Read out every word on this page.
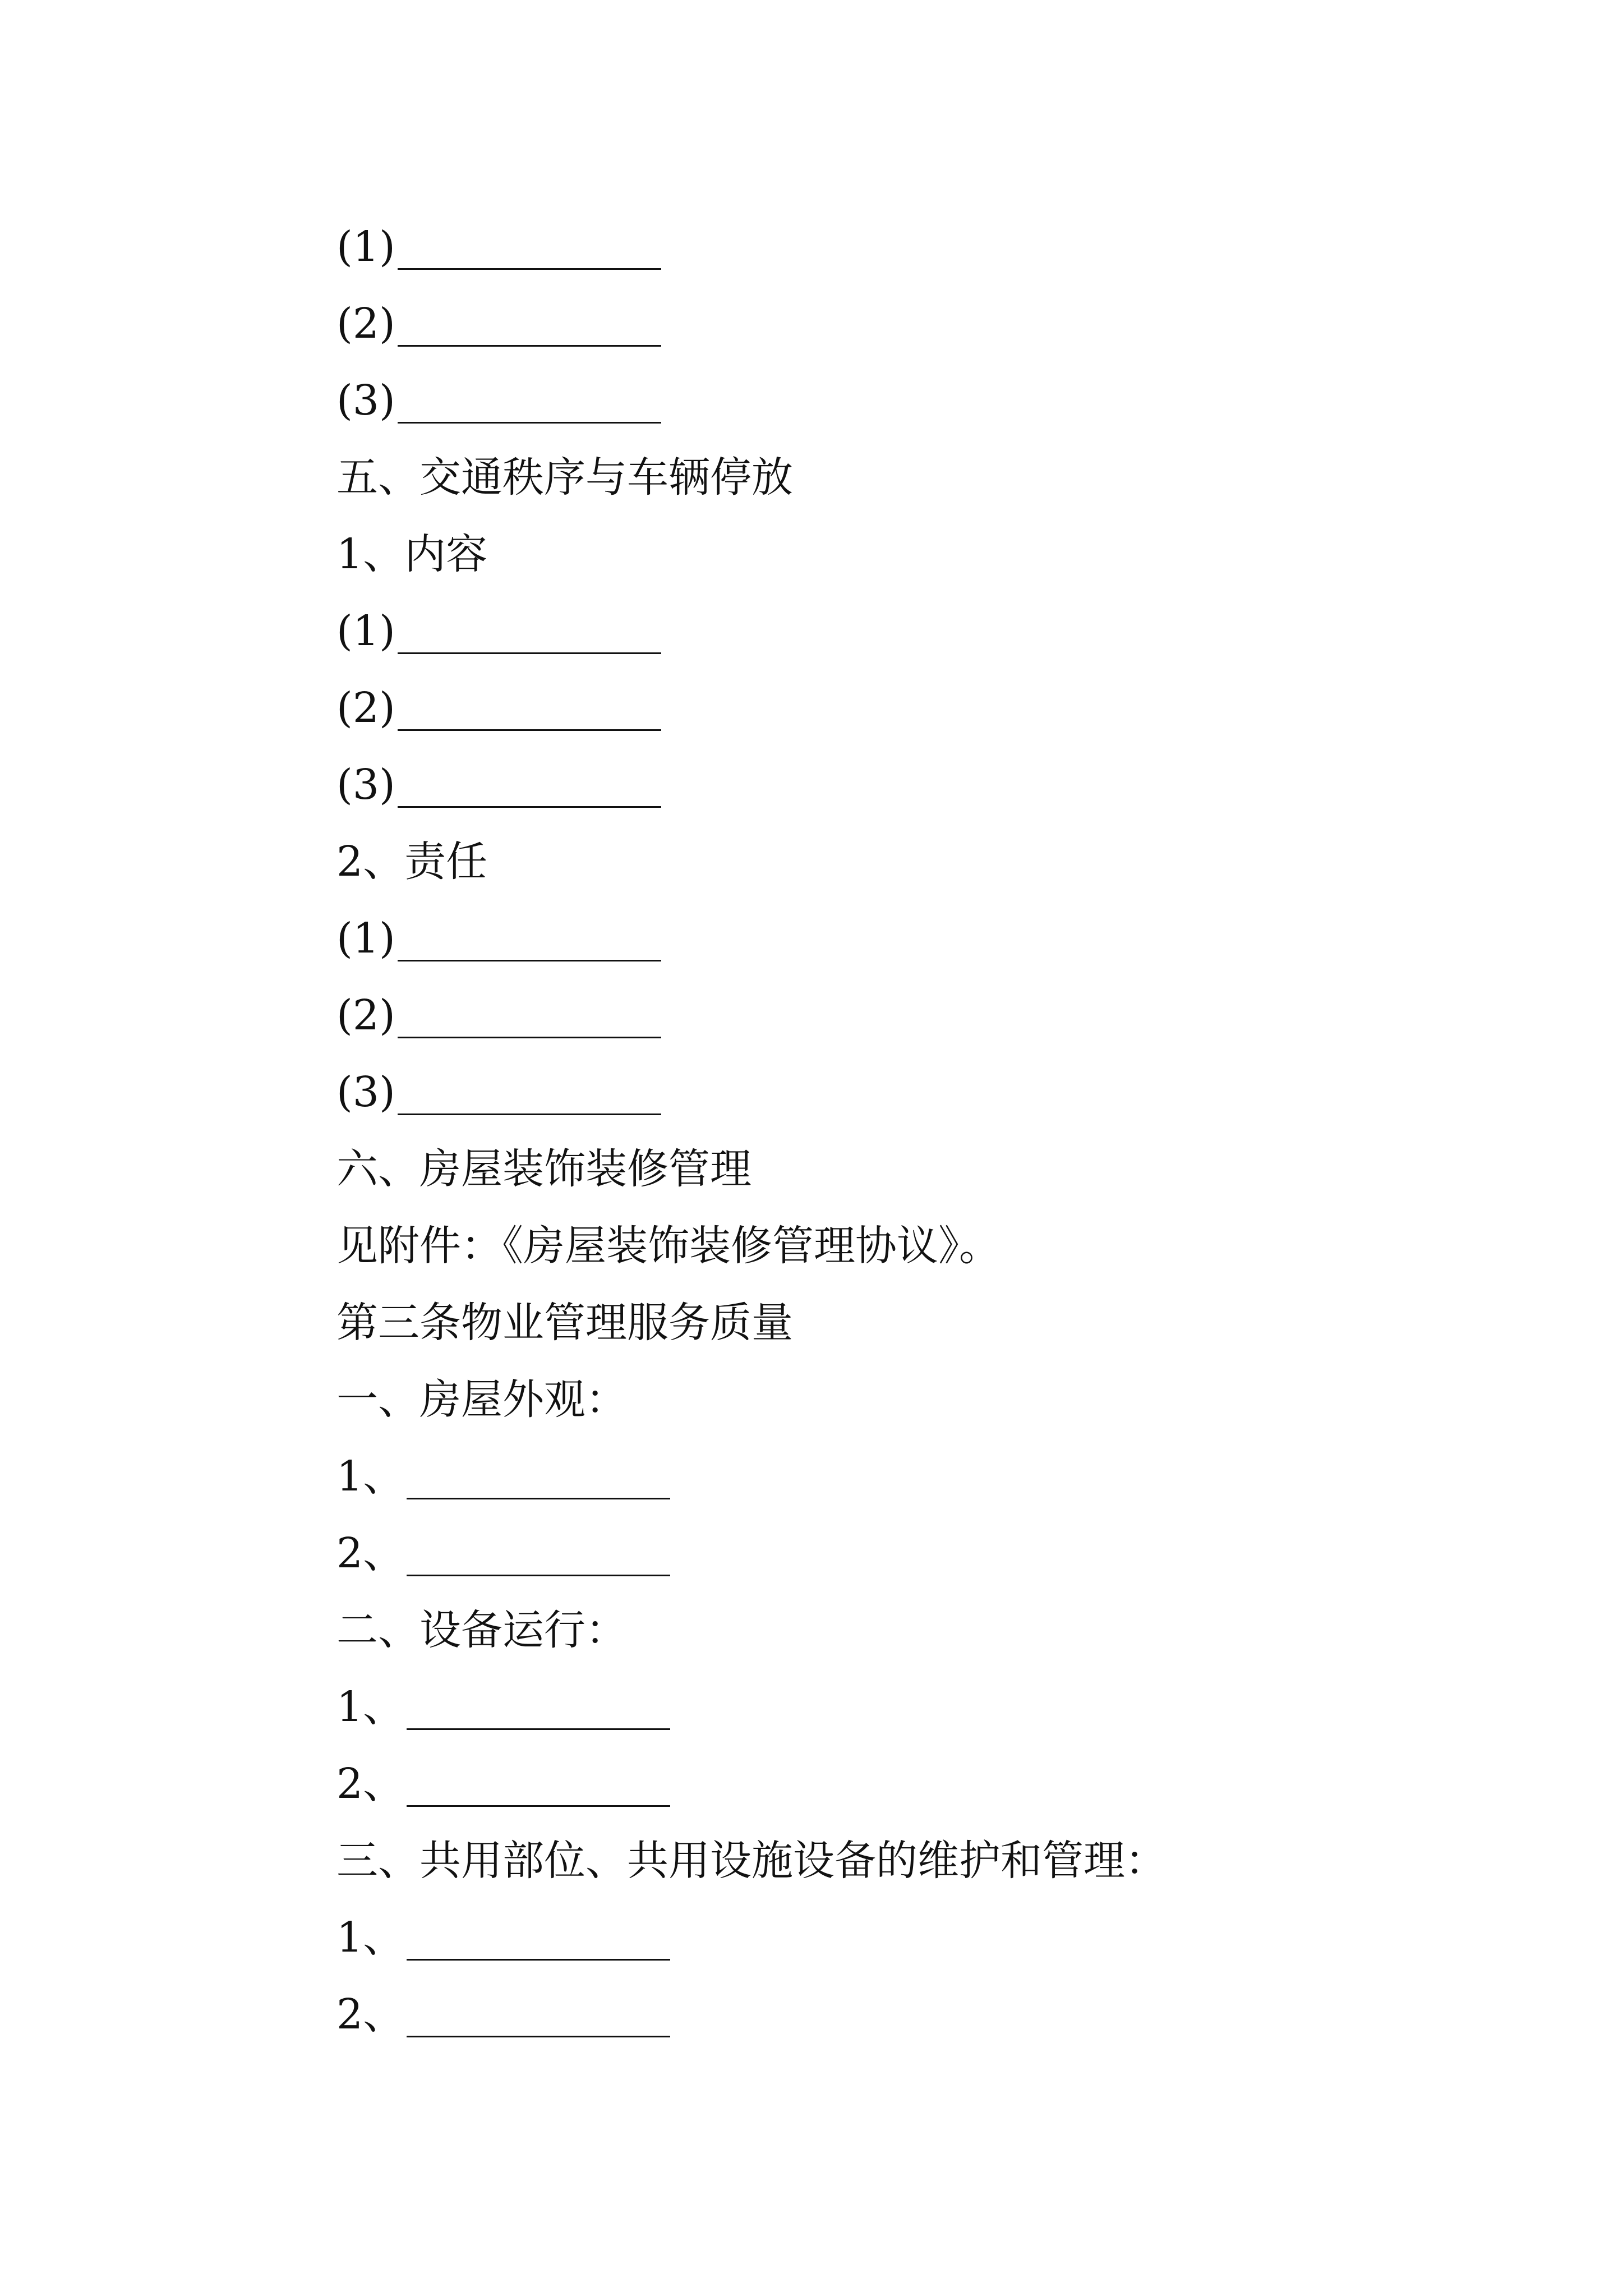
(1)
(2)
(3)
五、交通秩序与车辆停放
1、内容
(1)
(2)
(3)
2、责任
(1)
(2)
(3)
六、房屋装饰装修管理
见附件：《房屋装饰装修管理协议》。
第三条物业管理服务质量
一、房屋外观：
1、
2、
二、设备运行：
1、
2、
三、共用部位、共用设施设备的维护和管理：
1、
2、
